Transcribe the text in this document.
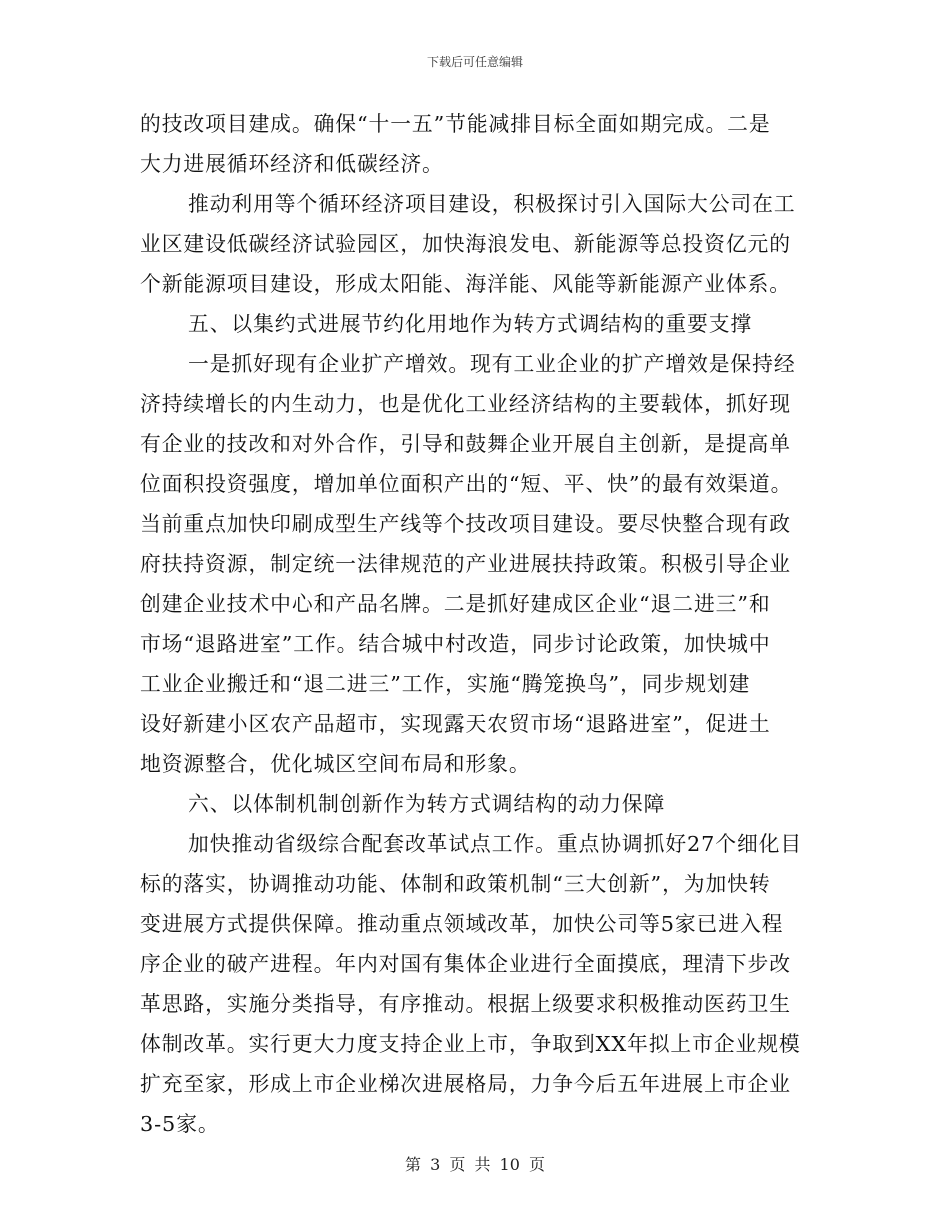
下载后可任意编辑
的技改项目建成。确保“十一五”节能减排目标全面如期完成。二是
大力进展循环经济和低碳经济。
推动利用等个循环经济项目建设，积极探讨引入国际大公司在工
业区建设低碳经济试验园区，加快海浪发电、新能源等总投资亿元的
个新能源项目建设，形成太阳能、海洋能、风能等新能源产业体系。
五、以集约式进展节约化用地作为转方式调结构的重要支撑
一是抓好现有企业扩产增效。现有工业企业的扩产增效是保持经
济持续增长的内生动力，也是优化工业经济结构的主要载体，抓好现
有企业的技改和对外合作，引导和鼓舞企业开展自主创新，是提高单
位面积投资强度，增加单位面积产出的“短、平、快”的最有效渠道。
当前重点加快印刷成型生产线等个技改项目建设。要尽快整合现有政
府扶持资源，制定统一法律规范的产业进展扶持政策。积极引导企业
创建企业技术中心和产品名牌。二是抓好建成区企业“退二进三”和
市场“退路进室”工作。结合城中村改造，同步讨论政策，加快城中
工业企业搬迁和“退二进三”工作，实施“腾笼换鸟”，同步规划建
设好新建小区农产品超市，实现露天农贸市场“退路进室”，促进土
地资源整合，优化城区空间布局和形象。
六、以体制机制创新作为转方式调结构的动力保障
加快推动省级综合配套改革试点工作。重点协调抓好27个细化目
标的落实，协调推动功能、体制和政策机制“三大创新”，为加快转
变进展方式提供保障。推动重点领域改革，加快公司等5家已进入程
序企业的破产进程。年内对国有集体企业进行全面摸底，理清下步改
革思路，实施分类指导，有序推动。根据上级要求积极推动医药卫生
体制改革。实行更大力度支持企业上市，争取到XX年拟上市企业规模
扩充至家，形成上市企业梯次进展格局，力争今后五年进展上市企业
3-5家。
第 3 页 共 10 页
